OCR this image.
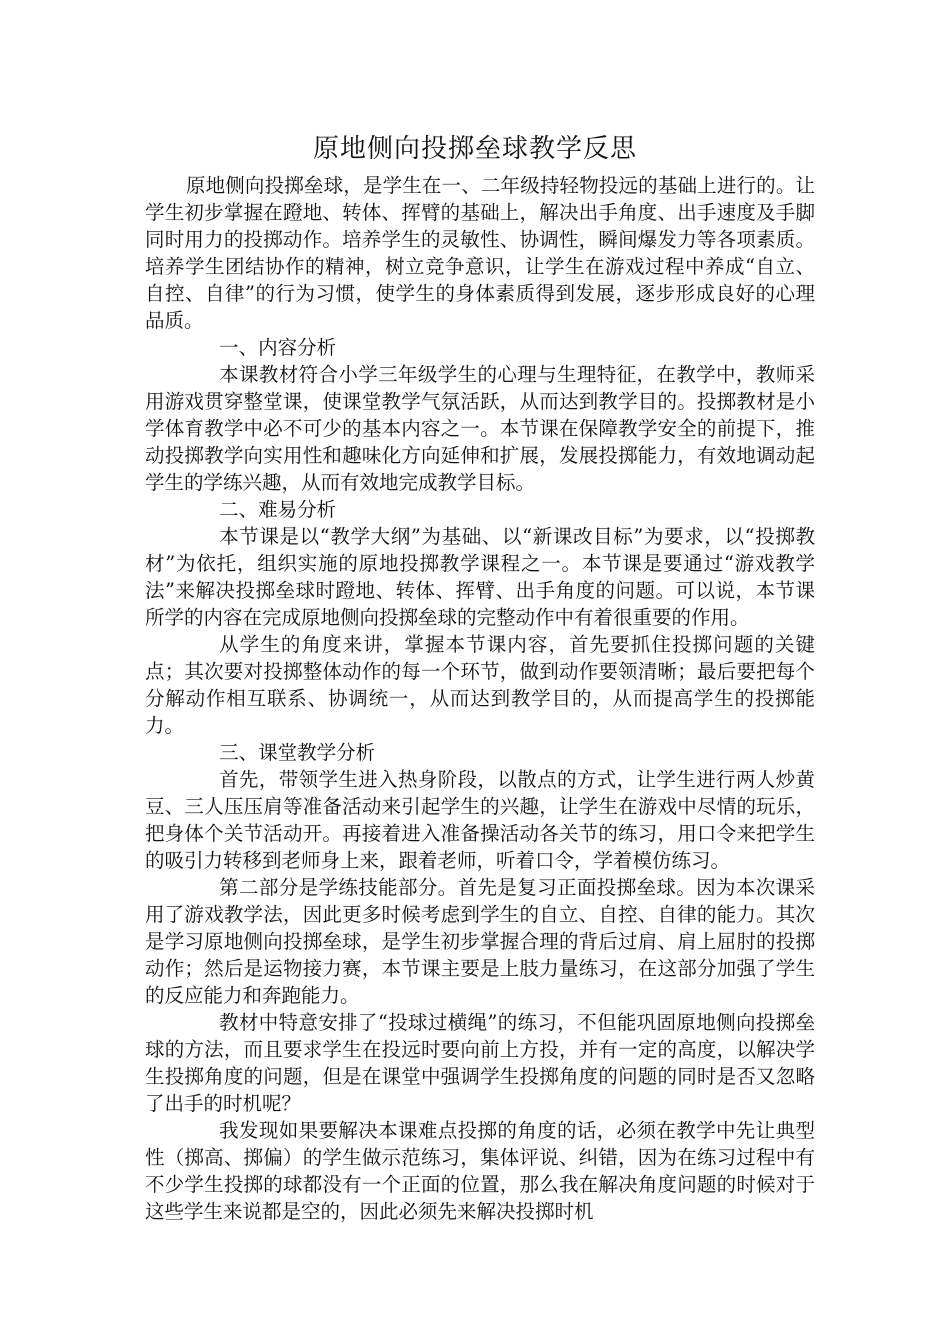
原地侧向投掷垒球教学反思

原地侧向投掷垒球，是学生在一、二年级持轻物投远的基础上进行的。让学生初步掌握在蹬地、转体、挥臂的基础上，解决出手角度、出手速度及手脚同时用力的投掷动作。培养学生的灵敏性、协调性，瞬间爆发力等各项素质。培养学生团结协作的精神，树立竞争意识，让学生在游戏过程中养成“自立、自控、自律”的行为习惯，使学生的身体素质得到发展，逐步形成良好的心理品质。

一、内容分析

本课教材符合小学三年级学生的心理与生理特征，在教学中，教师采用游戏贯穿整堂课，使课堂教学气氛活跃，从而达到教学目的。投掷教材是小学体育教学中必不可少的基本内容之一。本节课在保障教学安全的前提下，推动投掷教学向实用性和趣味化方向延伸和扩展，发展投掷能力，有效地调动起学生的学练兴趣，从而有效地完成教学目标。

二、难易分析

本节课是以“教学大纲”为基础、以“新课改目标”为要求，以“投掷教材”为依托，组织实施的原地投掷教学课程之一。本节课是要通过“游戏教学法”来解决投掷垒球时蹬地、转体、挥臂、出手角度的问题。可以说，本节课所学的内容在完成原地侧向投掷垒球的完整动作中有着很重要的作用。

从学生的角度来讲，掌握本节课内容，首先要抓住投掷问题的关键点；其次要对投掷整体动作的每一个环节，做到动作要领清晰；最后要把每个分解动作相互联系、协调统一，从而达到教学目的，从而提高学生的投掷能力。

三、课堂教学分析

首先，带领学生进入热身阶段，以散点的方式，让学生进行两人炒黄豆、三人压压肩等准备活动来引起学生的兴趣，让学生在游戏中尽情的玩乐，把身体个关节活动开。再接着进入准备操活动各关节的练习，用口令来把学生的吸引力转移到老师身上来，跟着老师，听着口令，学着模仿练习。

第二部分是学练技能部分。首先是复习正面投掷垒球。因为本次课采用了游戏教学法，因此更多时候考虑到学生的自立、自控、自律的能力。其次是学习原地侧向投掷垒球，是学生初步掌握合理的背后过肩、肩上屈肘的投掷动作；然后是运物接力赛，本节课主要是上肢力量练习，在这部分加强了学生的反应能力和奔跑能力。

教材中特意安排了“投球过横绳”的练习，不但能巩固原地侧向投掷垒球的方法，而且要求学生在投远时要向前上方投，并有一定的高度，以解决学生投掷角度的问题，但是在课堂中强调学生投掷角度的问题的同时是否又忽略了出手的时机呢？

我发现如果要解决本课难点投掷的角度的话，必须在教学中先让典型性（掷高、掷偏）的学生做示范练习，集体评说、纠错，因为在练习过程中有不少学生投掷的球都没有一个正面的位置，那么我在解决角度问题的时候对于这些学生来说都是空的，因此必须先来解决投掷时机
